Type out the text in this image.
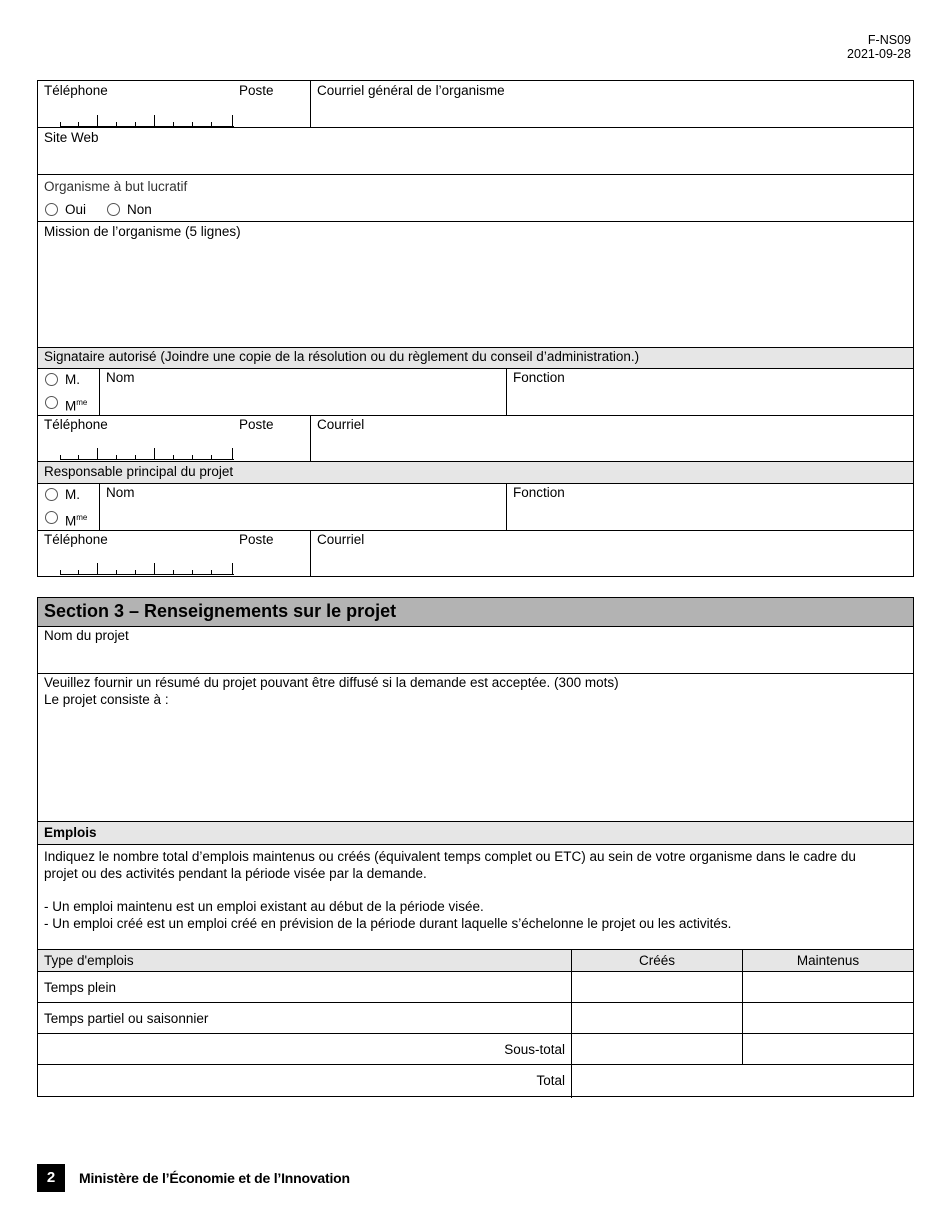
F-NS09
2021-09-28
Téléphone	Poste	Courriel général de l’organisme
Site Web
Organisme à but lucratif
Oui	Non
Mission de l’organisme (5 lignes)
Signataire autorisé (Joindre une copie de la résolution ou du règlement du conseil d’administration.)
M.
$M^{me}$
Nom	Fonction
Téléphone	Poste	Courriel
Responsable principal du projet
M.
$M^{me}$
Nom	Fonction
Téléphone	Poste	Courriel
Section 3 – Renseignements sur le projet
Nom du projet
Veuillez fournir un résumé du projet pouvant être diffusé si la demande est acceptée. (300 mots)
Le projet consiste à :
Emplois
Indiquez le nombre total d’emplois maintenus ou créés (équivalent temps complet ou ETC) au sein de votre organisme dans le cadre du
projet ou des activités pendant la période visée par la demande.
- Un emploi maintenu est un emploi existant au début de la période visée.
- Un emploi créé est un emploi créé en prévision de la période durant laquelle s’échelonne le projet ou les activités.
Type d'emplois	Créés	Maintenus
Temps plein
Temps partiel ou saisonnier
Sous-total
Total
2	Ministère de l’Économie et de l’Innovation
